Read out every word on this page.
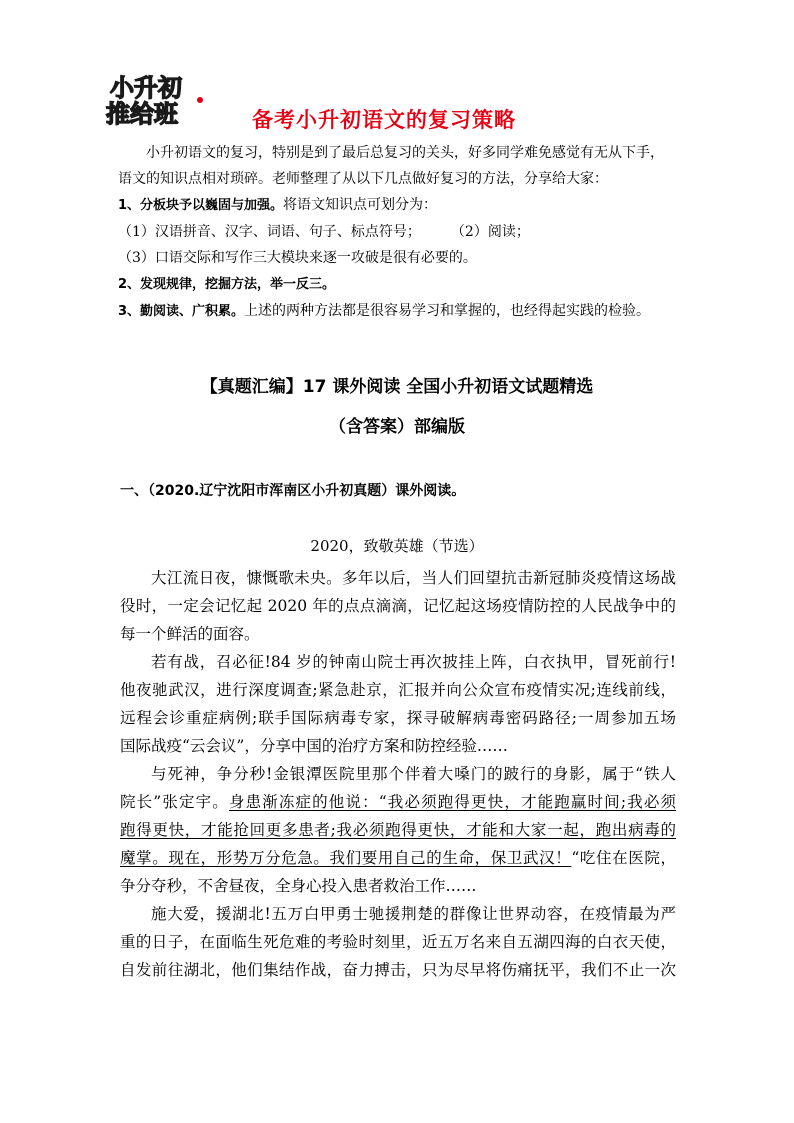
小升初
推给班	备考小升初语文的复习策略

小升初语文的复习，特别是到了最后总复习的关头，好多同学难免感觉有无从下手，

语文的知识点相对琐碎。老师整理了从以下几点做好复习的方法，分享给大家：

1、分板块予以巍固与加强。将语文知识点可划分为：

（1）汉语拼音、汉字、词语、句子、标点符号； （2）阅读；

（3）口语交际和写作三大模块来逐一攻破是很有必要的。

2、发现规律，挖掘方法，举一反三。

3、勤阅读、广积累。上述的两种方法都是很容易学习和掌握的，也经得起实践的检验。

【真题汇编】17 课外阅读 全国小升初语文试题精选
（含答案）部编版
一、（2020.辽宁沈阳市浑南区小升初真题）课外阅读。
2020，致敬英雄（节选）
大江流日夜，慷慨歌未央。多年以后，当人们回望抗击新冠肺炎疫情这场战
役时，一定会记忆起 2020 年的点点滴滴，记忆起这场疫情防控的人民战争中的
每一个鲜活的面容。
若有战，召必征!84 岁的钟南山院士再次披挂上阵，白衣执甲，冒死前行!
他夜驰武汉，进行深度调查;紧急赴京，汇报并向公众宣布疫情实况;连线前线，
远程会诊重症病例;联手国际病毒专家，探寻破解病毒密码路径;一周参加五场
国际战疫“云会议”，分享中国的治疗方案和防控经验……
与死神，争分秒!金银潭医院里那个伴着大嗓门的跛行的身影，属于“铁人
院长”张定宇。身患渐冻症的他说：“我必须跑得更快，才能跑赢时间;我必须
跑得更快，才能抢回更多患者;我必须跑得更快，才能和大家一起，跑出病毒的
魔掌。现在，形势万分危急。我们要用自己的生命，保卫武汉！“吃住在医院，
争分夺秒，不舍昼夜，全身心投入患者救治工作……
施大爱，援湖北!五万白甲勇士驰援荆楚的群像让世界动容，在疫情最为严
重的日子，在面临生死危难的考验时刻里，近五万名来自五湖四海的白衣天使，
自发前往湖北，他们集结作战，奋力搏击，只为尽早将伤痛抚平，我们不止一次
